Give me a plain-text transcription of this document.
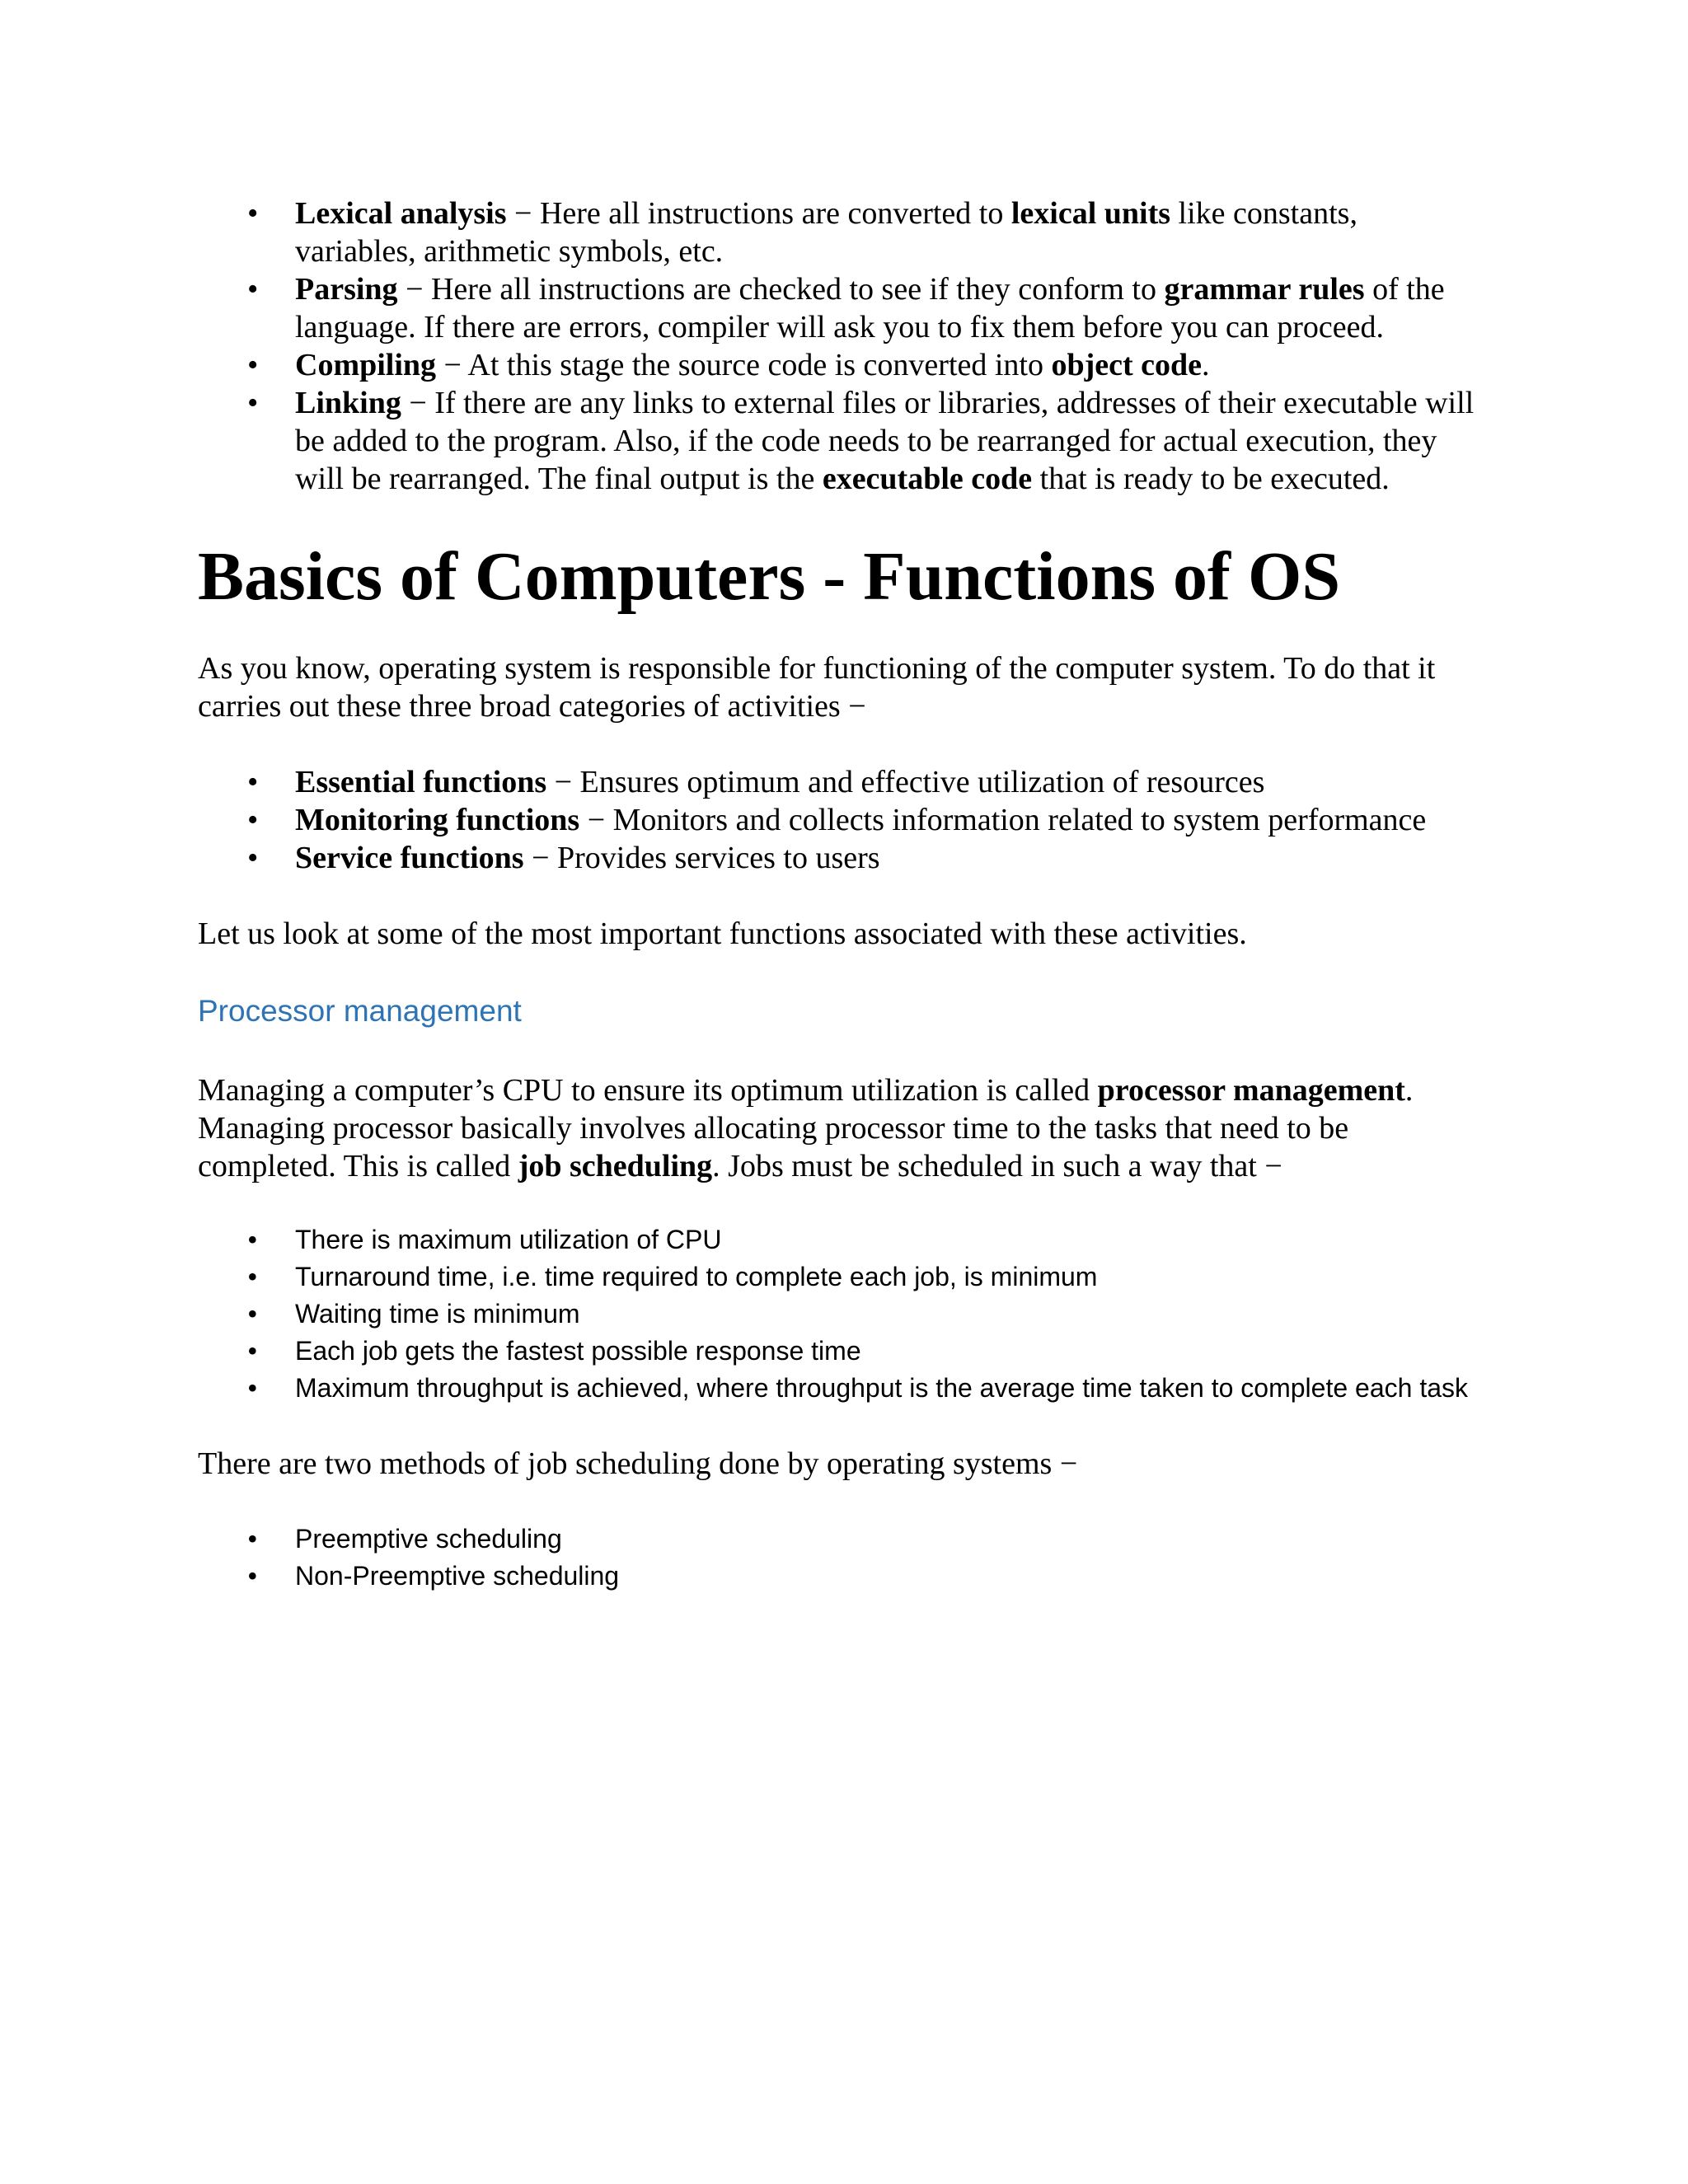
• Lexical analysis − Here all instructions are converted to lexical units like constants, variables, arithmetic symbols, etc.
• Parsing − Here all instructions are checked to see if they conform to grammar rules of the language. If there are errors, compiler will ask you to fix them before you can proceed.
• Compiling − At this stage the source code is converted into object code.
• Linking − If there are any links to external files or libraries, addresses of their executable will be added to the program. Also, if the code needs to be rearranged for actual execution, they will be rearranged. The final output is the executable code that is ready to be executed.
Basics of Computers - Functions of OS

As you know, operating system is responsible for functioning of the computer system. To do that it carries out these three broad categories of activities −

• Essential functions − Ensures optimum and effective utilization of resources
• Monitoring functions − Monitors and collects information related to system performance
• Service functions − Provides services to users

Let us look at some of the most important functions associated with these activities.

Processor management

Managing a computer’s CPU to ensure its optimum utilization is called processor management. Managing processor basically involves allocating processor time to the tasks that need to be completed. This is called job scheduling. Jobs must be scheduled in such a way that −

• There is maximum utilization of CPU
• Turnaround time, i.e. time required to complete each job, is minimum
• Waiting time is minimum
• Each job gets the fastest possible response time
• Maximum throughput is achieved, where throughput is the average time taken to complete each task

There are two methods of job scheduling done by operating systems −

• Preemptive scheduling
• Non-Preemptive scheduling
